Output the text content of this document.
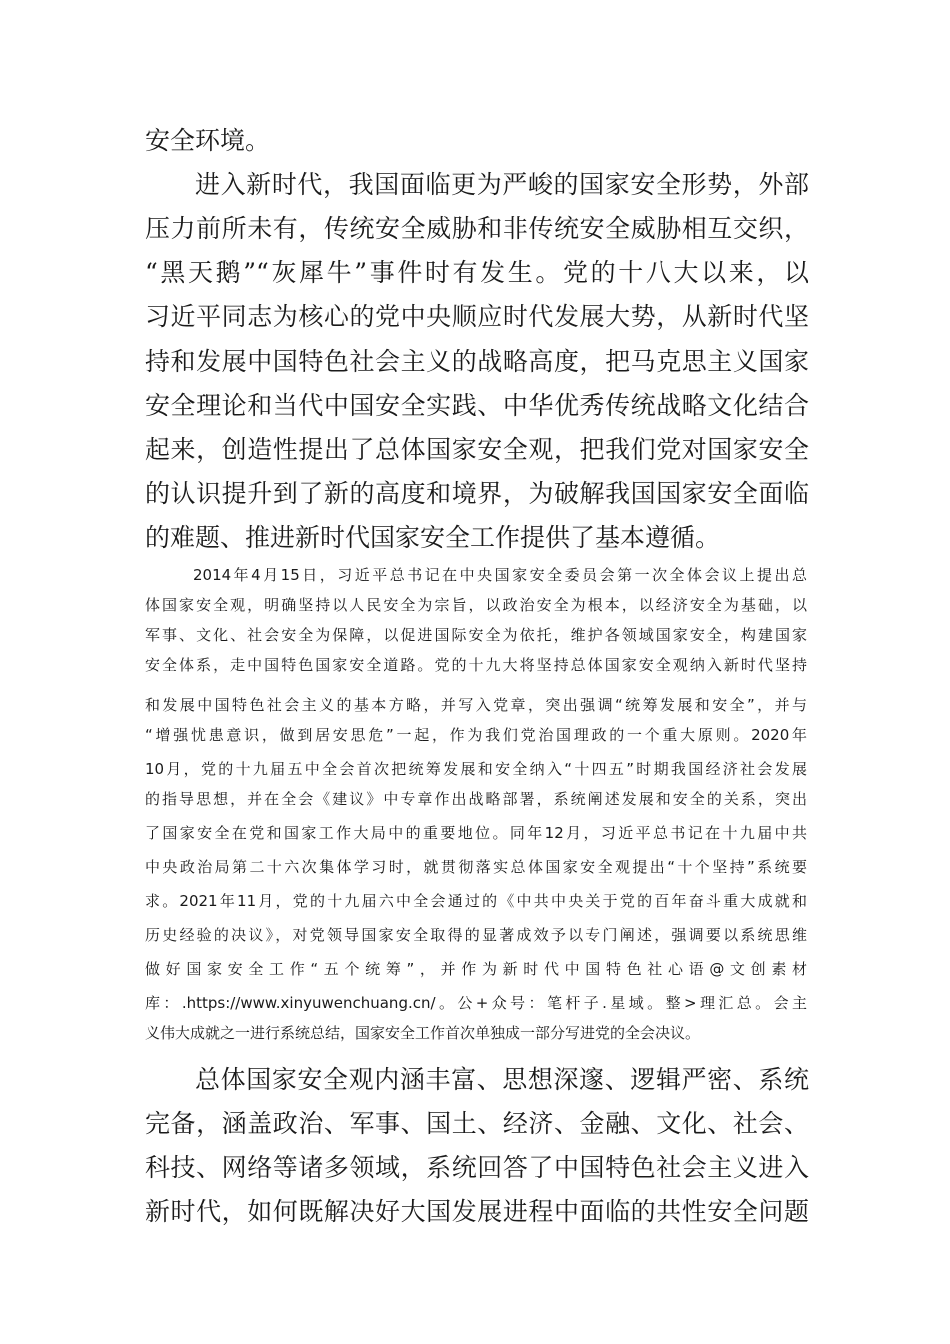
安全环境。
进入新时代，我国面临更为严峻的国家安全形势，外部
压力前所未有，传统安全威胁和非传统安全威胁相互交织，
“黑天鹅”“灰犀牛”事件时有发生。党的十八大以来，以
习近平同志为核心的党中央顺应时代发展大势，从新时代坚
持和发展中国特色社会主义的战略高度，把马克思主义国家
安全理论和当代中国安全实践、中华优秀传统战略文化结合
起来，创造性提出了总体国家安全观，把我们党对国家安全
的认识提升到了新的高度和境界，为破解我国国家安全面临
的难题、推进新时代国家安全工作提供了基本遵循。
2014年4月15日，习近平总书记在中央国家安全委员会第一次全体会议上提出总
体国家安全观，明确坚持以人民安全为宗旨，以政治安全为根本，以经济安全为基础，以
军事、文化、社会安全为保障，以促进国际安全为依托，维护各领域国家安全，构建国家
安全体系，走中国特色国家安全道路。党的十九大将坚持总体国家安全观纳入新时代坚持
和发展中国特色社会主义的基本方略，并写入党章，突出强调“统筹发展和安全”，并与
“增强忧患意识，做到居安思危”一起，作为我们党治国理政的一个重大原则。2020年
10月，党的十九届五中全会首次把统筹发展和安全纳入“十四五”时期我国经济社会发展
的指导思想，并在全会《建议》中专章作出战略部署，系统阐述发展和安全的关系，突出
了国家安全在党和国家工作大局中的重要地位。同年12月，习近平总书记在十九届中共
中央政治局第二十六次集体学习时，就贯彻落实总体国家安全观提出“十个坚持”系统要
求。2021年11月，党的十九届六中全会通过的《中共中央关于党的百年奋斗重大成就和
历史经验的决议》，对党领导国家安全取得的显著成效予以专门阐述，强调要以系统思维
做好国家安全工作“五个统筹”，并作为新时代中国特色社心语@文创素材
库：.https://www.xinyuwenchuang.cn/。公+众号：笔杆子.星域。整>理汇总。会主
义伟大成就之一进行系统总结，国家安全工作首次单独成一部分写进党的全会决议。
总体国家安全观内涵丰富、思想深邃、逻辑严密、系统
完备，涵盖政治、军事、国土、经济、金融、文化、社会、
科技、网络等诸多领域，系统回答了中国特色社会主义进入
新时代，如何既解决好大国发展进程中面临的共性安全问题
